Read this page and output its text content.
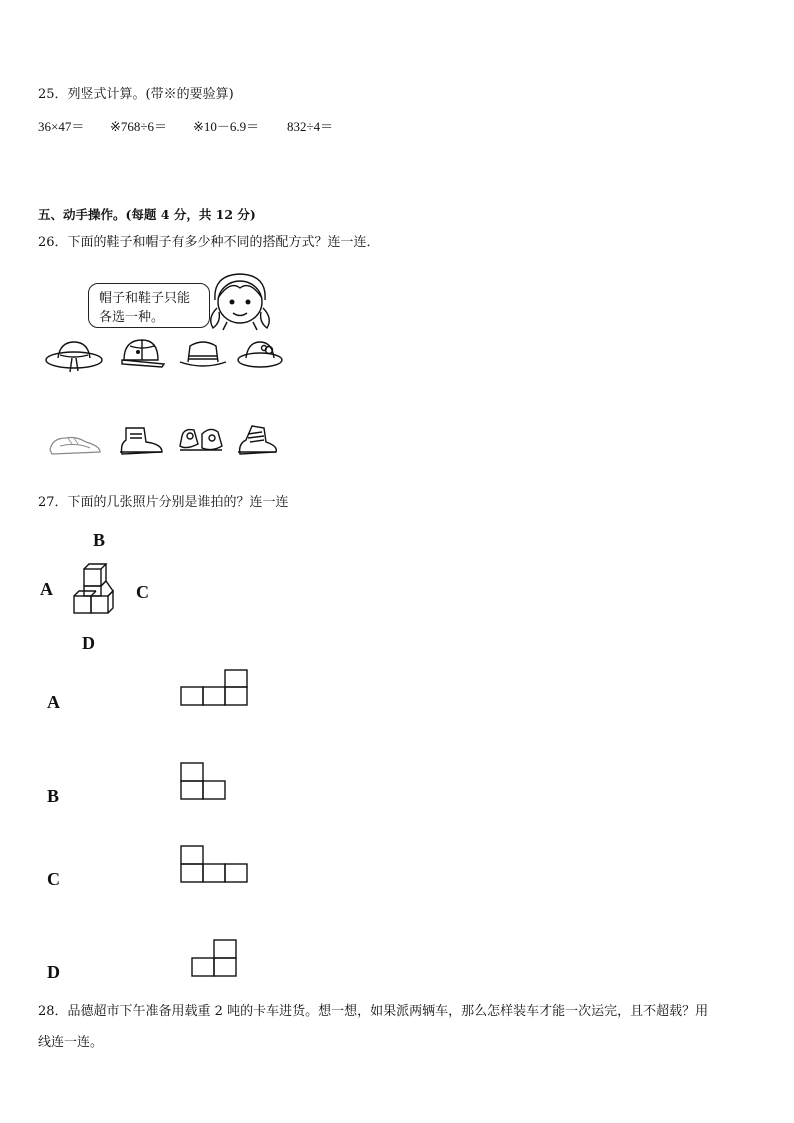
25．列竖式计算。(带※的要验算)
36×47＝ ※768÷6＝ ※10－6.9＝ 832÷4＝
五、动手操作。(每题 4 分，共 12 分)
26．下面的鞋子和帽子有多少种不同的搭配方式？连一连．
帽子和鞋子只能
各选一种。
27．下面的几张照片分别是谁拍的？连一连
B
A	C
D
A
B
C
D
28．品德超市下午准备用载重 2 吨的卡车进货。想一想，如果派两辆车，那么怎样装车才能一次运完，且不超载？用
线连一连。
